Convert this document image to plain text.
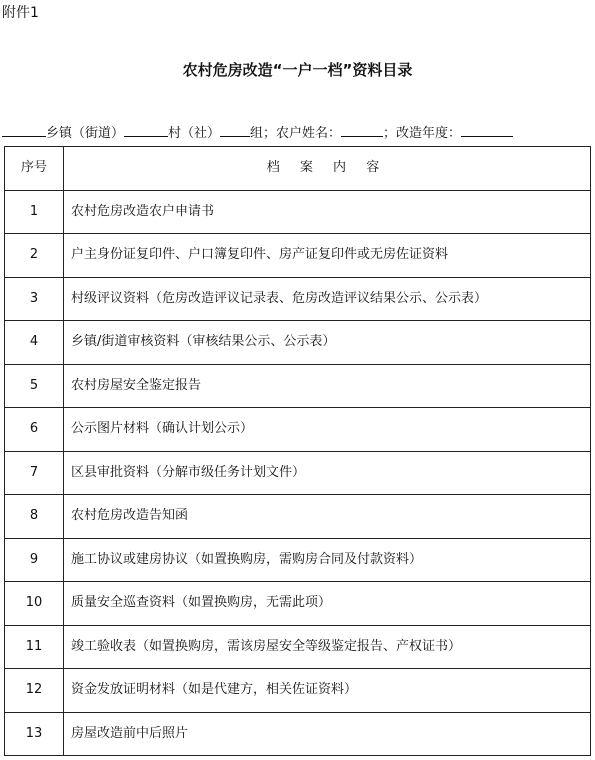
附件1
农村危房改造“一户一档”资料目录
乡镇（街道）	村（社） 组；农户姓名：	；改造年度：
序号	档 案 内 容
1	农村危房改造农户申请书
2	户主身份证复印件、户口簿复印件、房产证复印件或无房佐证资料
3	村级评议资料（危房改造评议记录表、危房改造评议结果公示、公示表）
4	乡镇/街道审核资料（审核结果公示、公示表）
5	农村房屋安全鉴定报告
6	公示图片材料（确认计划公示）
7	区县审批资料（分解市级任务计划文件）
8	农村危房改造告知函
9	施工协议或建房协议（如置换购房，需购房合同及付款资料）
10	质量安全巡查资料（如置换购房，无需此项）
11	竣工验收表（如置换购房，需该房屋安全等级鉴定报告、产权证书）
12	资金发放证明材料（如是代建方，相关佐证资料）
13	房屋改造前中后照片
